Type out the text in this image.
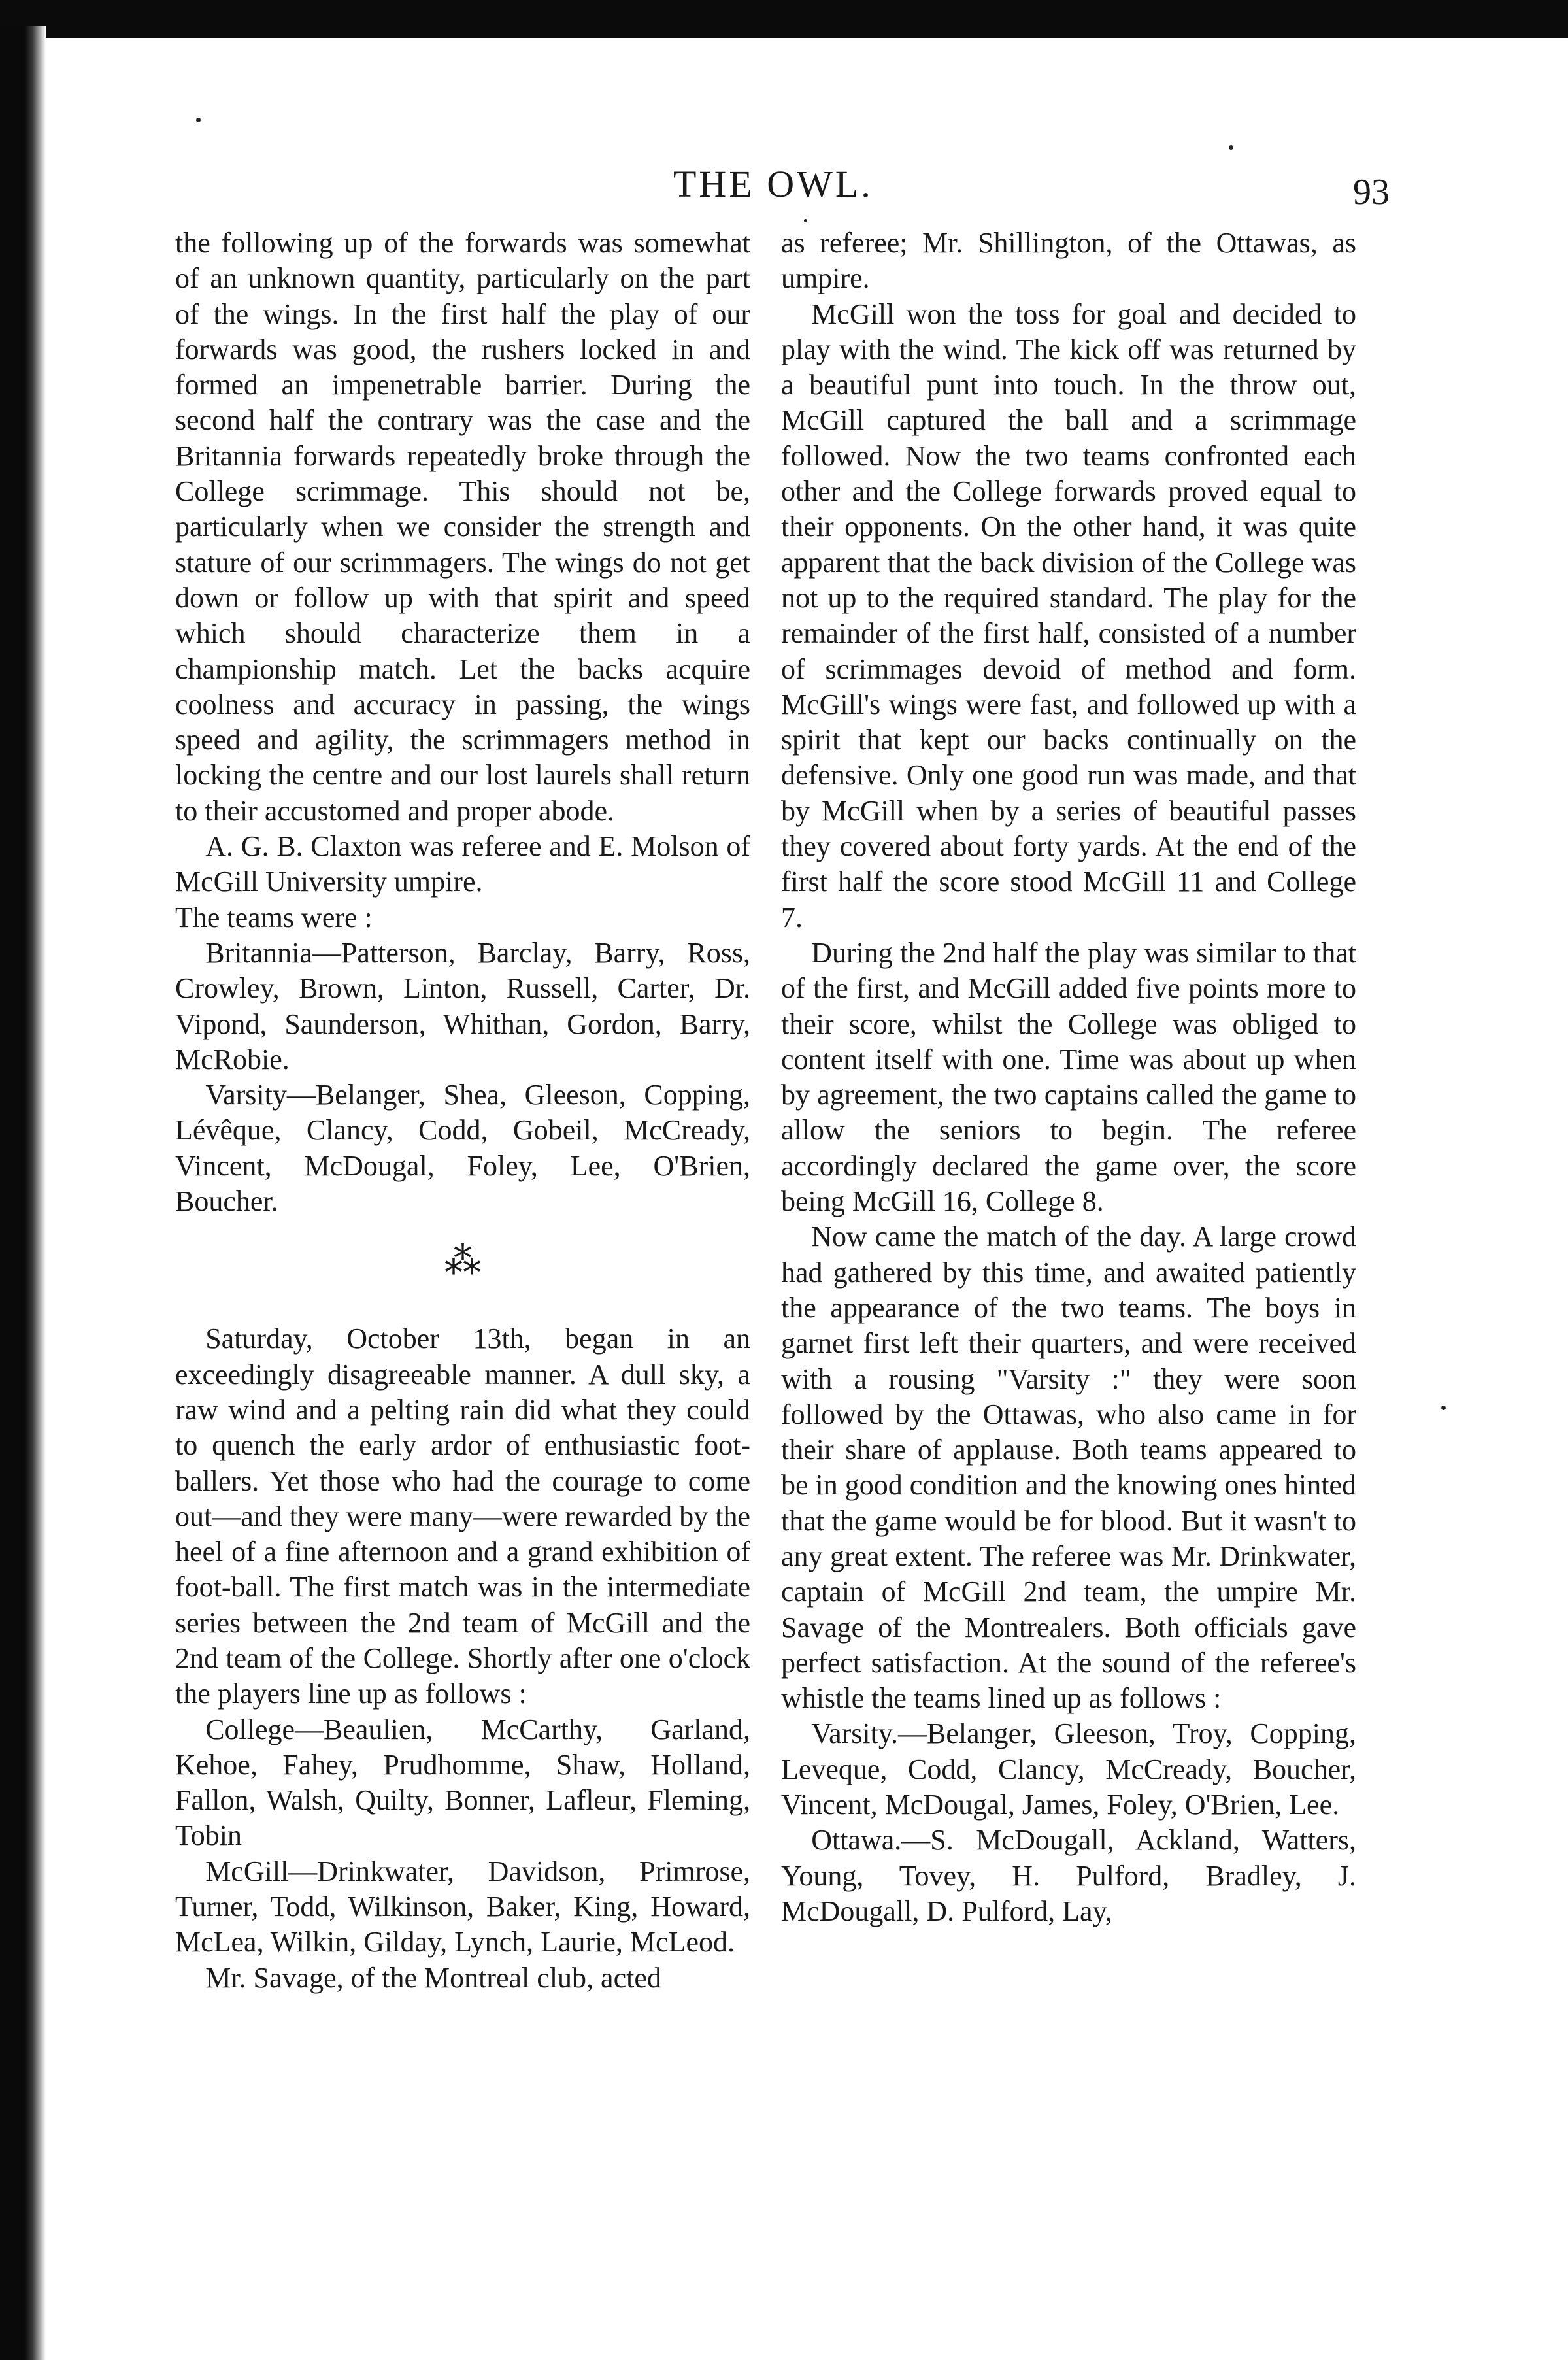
THE OWL.	93

the following up of the forwards was somewhat of an unknown quantity, particularly on the part of the wings. In the first half the play of our forwards was good, the rushers locked in and formed an impenetrable barrier. During the second half the contrary was the case and the Britannia forwards repeatedly broke through the College scrimmage. This should not be, particularly when we consider the strength and stature of our scrimmagers. The wings do not get down or follow up with that spirit and speed which should characterize them in a championship match. Let the backs acquire coolness and accuracy in passing, the wings speed and agility, the scrimmagers method in locking the centre and our lost laurels shall return to their accustomed and proper abode.

A. G. B. Claxton was referee and E. Molson of McGill University umpire.

The teams were :

Britannia—Patterson, Barclay, Barry, Ross, Crowley, Brown, Linton, Russell, Carter, Dr. Vipond, Saunderson, Whithan, Gordon, Barry, McRobie.

Varsity—Belanger, Shea, Gleeson, Copping, Lévêque, Clancy, Codd, Gobeil, McCready, Vincent, McDougal, Foley, Lee, O'Brien, Boucher.

⁂

Saturday, October 13th, began in an exceedingly disagreeable manner. A dull sky, a raw wind and a pelting rain did what they could to quench the early ardor of enthusiastic foot-ballers. Yet those who had the courage to come out—and they were many—were rewarded by the heel of a fine afternoon and a grand exhibition of foot-ball. The first match was in the intermediate series between the 2nd team of McGill and the 2nd team of the College. Shortly after one o'clock the players line up as follows :

College—Beaulien, McCarthy, Garland, Kehoe, Fahey, Prudhomme, Shaw, Holland, Fallon, Walsh, Quilty, Bonner, Lafleur, Fleming, Tobin

McGill—Drinkwater, Davidson, Primrose, Turner, Todd, Wilkinson, Baker, King, Howard, McLea, Wilkin, Gilday, Lynch, Laurie, McLeod.

Mr. Savage, of the Montreal club, acted

as referee; Mr. Shillington, of the Ottawas, as umpire.

McGill won the toss for goal and decided to play with the wind. The kick off was returned by a beautiful punt into touch. In the throw out, McGill captured the ball and a scrimmage followed. Now the two teams confronted each other and the College forwards proved equal to their opponents. On the other hand, it was quite apparent that the back division of the College was not up to the required standard. The play for the remainder of the first half, consisted of a number of scrimmages devoid of method and form. McGill's wings were fast, and followed up with a spirit that kept our backs continually on the defensive. Only one good run was made, and that by McGill when by a series of beautiful passes they covered about forty yards. At the end of the first half the score stood McGill 11 and College 7.

During the 2nd half the play was similar to that of the first, and McGill added five points more to their score, whilst the College was obliged to content itself with one. Time was about up when by agreement, the two captains called the game to allow the seniors to begin. The referee accordingly declared the game over, the score being McGill 16, College 8.

Now came the match of the day. A large crowd had gathered by this time, and awaited patiently the appearance of the two teams. The boys in garnet first left their quarters, and were received with a rousing "Varsity :" they were soon followed by the Ottawas, who also came in for their share of applause. Both teams appeared to be in good condition and the knowing ones hinted that the game would be for blood. But it wasn't to any great extent. The referee was Mr. Drinkwater, captain of McGill 2nd team, the umpire Mr. Savage of the Montrealers. Both officials gave perfect satisfaction. At the sound of the referee's whistle the teams lined up as follows :

Varsity.—Belanger, Gleeson, Troy, Copping, Leveque, Codd, Clancy, McCready, Boucher, Vincent, McDougal, James, Foley, O'Brien, Lee.

Ottawa.—S. McDougall, Ackland, Watters, Young, Tovey, H. Pulford, Bradley, J. McDougall, D. Pulford, Lay,
